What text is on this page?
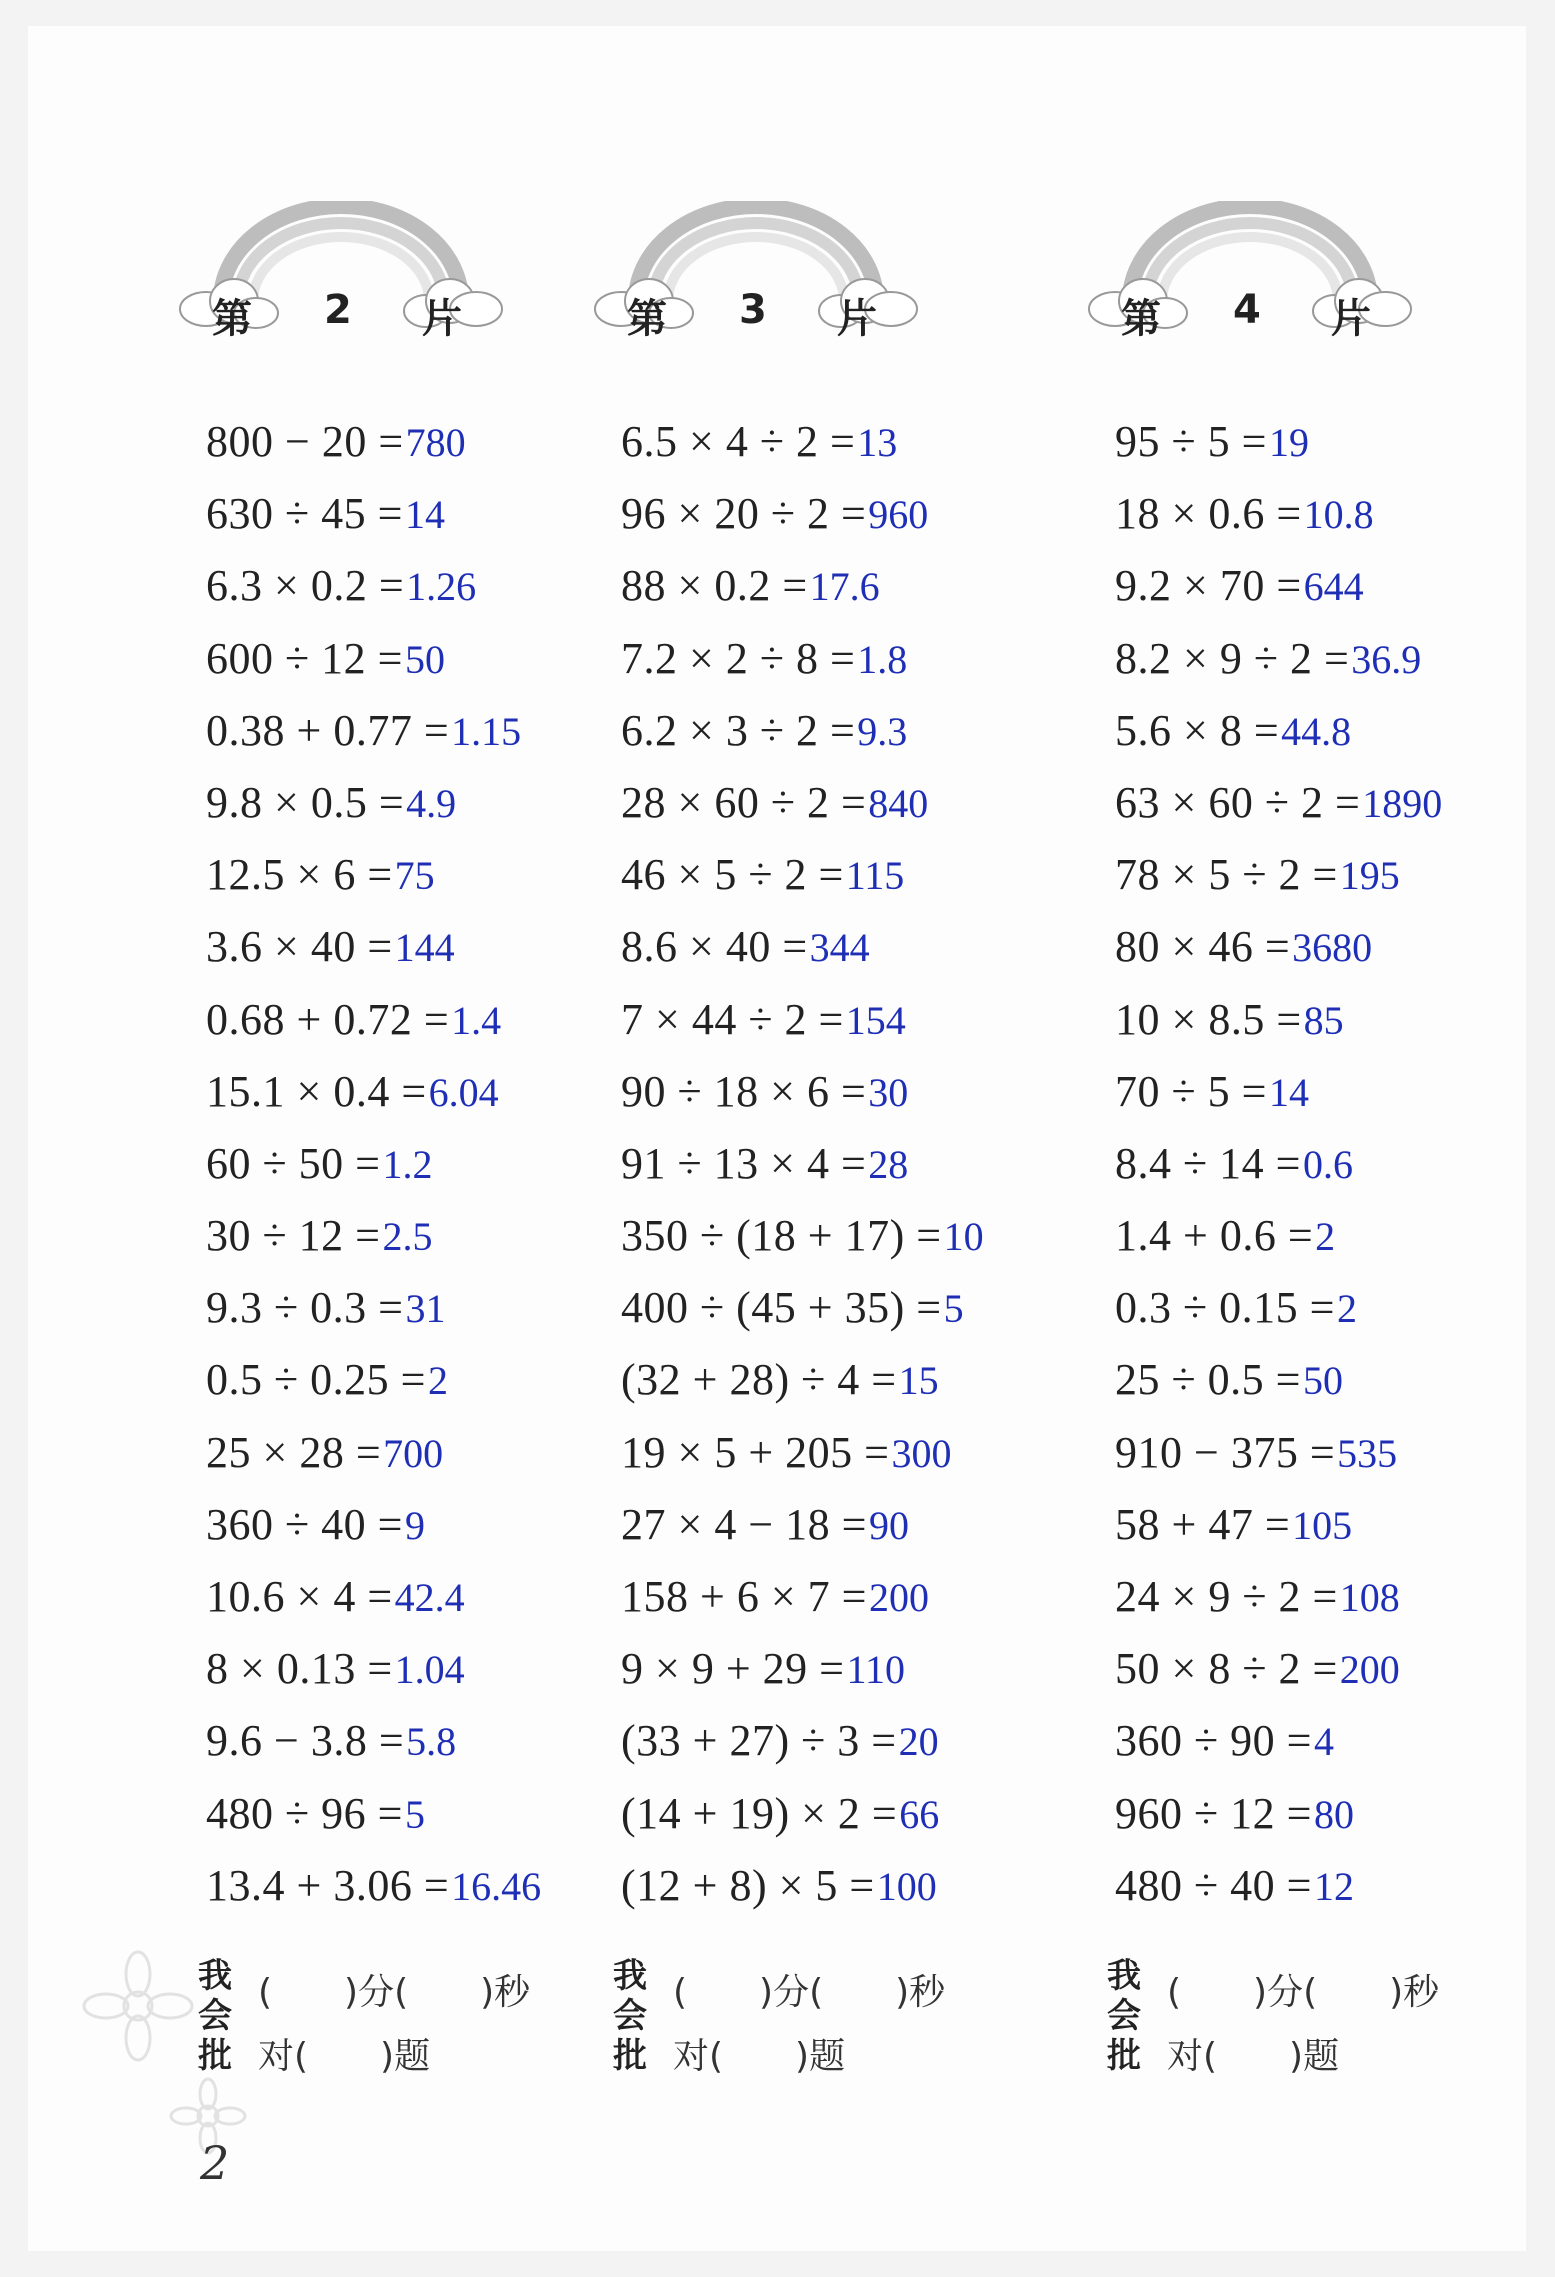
第 2 片
800 − 20 =780
630 ÷ 45 =14
6.3 × 0.2 =1.26
600 ÷ 12 =50
0.38 + 0.77 =1.15
9.8 × 0.5 =4.9
12.5 × 6 =75
3.6 × 40 =144
0.68 + 0.72 =1.4
15.1 × 0.4 =6.04
60 ÷ 50 =1.2
30 ÷ 12 =2.5
9.3 ÷ 0.3 =31
0.5 ÷ 0.25 =2
25 × 28 =700
360 ÷ 40 =9
10.6 × 4 =42.4
8 × 0.13 =1.04
9.6 − 3.8 =5.8
480 ÷ 96 =5
13.4 + 3.06 =16.46
我
会
批
(　　)分(　　)秒
对(　　)题
第 3 片
6.5 × 4 ÷ 2 =13
96 × 20 ÷ 2 =960
88 × 0.2 =17.6
7.2 × 2 ÷ 8 =1.8
6.2 × 3 ÷ 2 =9.3
28 × 60 ÷ 2 =840
46 × 5 ÷ 2 =115
8.6 × 40 =344
7 × 44 ÷ 2 =154
90 ÷ 18 × 6 =30
91 ÷ 13 × 4 =28
350 ÷ (18 + 17) =10
400 ÷ (45 + 35) =5
(32 + 28) ÷ 4 =15
19 × 5 + 205 =300
27 × 4 − 18 =90
158 + 6 × 7 =200
9 × 9 + 29 =110
(33 + 27) ÷ 3 =20
(14 + 19) × 2 =66
(12 + 8) × 5 =100
我
会
批
(　　)分(　　)秒
对(　　)题
第 4 片
95 ÷ 5 =19
18 × 0.6 =10.8
9.2 × 70 =644
8.2 × 9 ÷ 2 =36.9
5.6 × 8 =44.8
63 × 60 ÷ 2 =1890
78 × 5 ÷ 2 =195
80 × 46 =3680
10 × 8.5 =85
70 ÷ 5 =14
8.4 ÷ 14 =0.6
1.4 + 0.6 =2
0.3 ÷ 0.15 =2
25 ÷ 0.5 =50
910 − 375 =535
58 + 47 =105
24 × 9 ÷ 2 =108
50 × 8 ÷ 2 =200
360 ÷ 90 =4
960 ÷ 12 =80
480 ÷ 40 =12
我
会
批
(　　)分(　　)秒
对(　　)题
2
